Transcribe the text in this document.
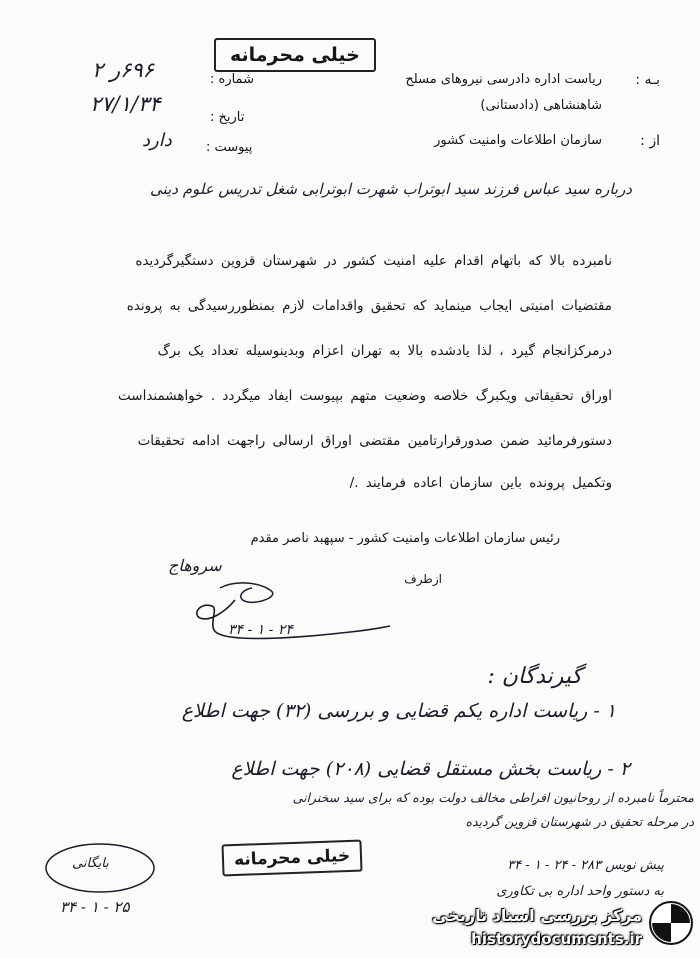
خیلی محرمانه
بـه :
ریاست اداره دادرسی نیروهای مسلح
شاهنشاهی (دادستانی)
از :
سازمان اطلاعات وامنیت کشور
شماره :
۶۹۶ر ۲
تاریخ :
۲۷/۱/۳۴
پیوست :
دارد
درباره سید عباس فرزند سید ابوتراب شهرت ابوترابی شغل تدریس علوم دینی
نامبرده بالا که باتهام اقدام علیه امنیت کشور در شهرستان قزوین دستگیرگردیده
مقتضیات امنیتی ایجاب مینماید که تحقیق واقدامات لازم بمنظوررسیدگی به پرونده
درمرکزانجام گیرد ، لذا یادشده بالا به تهران اعزام وبدینوسیله تعداد یک برگ
اوراق تحقیقاتی ویکبرگ خلاصه وضعیت متهم بپیوست ایفاد میگردد . خواهشمنداست
دستورفرمائید ضمن صدورقرارتامین مقتضی اوراق ارسالی راجهت ادامه تحقیقات
وتکمیل پرونده باین سازمان اعاده فرمایند ./
رئیس سازمان اطلاعات وامنیت کشور - سپهبد ناصر مقدم
ازطرف
سروهاج
۲۴ - ۱ - ۳۴
گیرندگان :
۱ - ریاست اداره یکم قضایی و بررسی (۳۲) جهت اطلاع
۲ - ریاست بخش مستقل قضایی (۲۰۸) جهت اطلاع
محترماً نامبرده از روحانیون افراطی مخالف دولت بوده که برای سید سخنرانی
در مرحله تحقیق در شهرستان قزوین گردیده
پیش نویس ۲۸۳ - ۲۴ - ۱ - ۳۴
به دستور واحد اداره بی تکاوری
خیلی محرمانه
بایگانی
۲۵ - ۱ - ۳۴	مرکز بررسی اسناد تاریخی
historydocuments.ir
